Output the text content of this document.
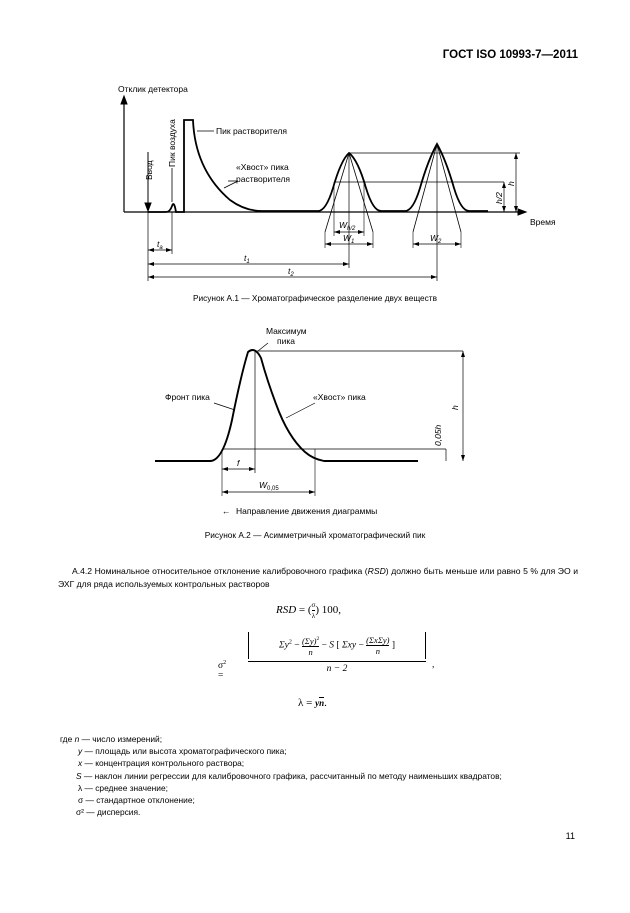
ГОСТ ISO 10993-7—2011
Отклик детектора
Время
Ввод
Пик воздуха	Пик растворителя
«Хвост» пика
растворителя
h/2
h
$t_a$
$t_1$
$t_2$
$W_{h/2}$
$W_1$	$W_2$
Максимум
пика
Фронт пика	«Хвост» пика
h
0,05h
f
$W_{0,05}$
← Направление движения диаграммы
Рисунок А.1 — Хроматографическое разделение двух веществ
Рисунок А.2 — Асимметричный хроматографический пик
А.4.2 Номинальное относительное отклонение калибровочного графика (RSD) должно быть меньше или равно 5 % для ЭО и ЭХГ для ряда используемых контрольных растворов
RSD = ( $\frac{\sigma}{\lambda}$ ) 100,
$\sigma^2$ =
$\Sigma y^2 - \frac{(\Sigma y)^2}{n} - S$ [ $\Sigma xy - \frac{\text{(ΣxΣy)}}{n}$ ]
n − 2	,
λ = yn.
где n — число измерений;
y — площадь или высота хроматографического пика;
x — концентрация контрольного раствора;
S — наклон линии регрессии для калибровочного графика, рассчитанный по методу наименьших квадратов;
λ — среднее значение;
σ — стандартное отклонение;
σ² — дисперсия.
11
